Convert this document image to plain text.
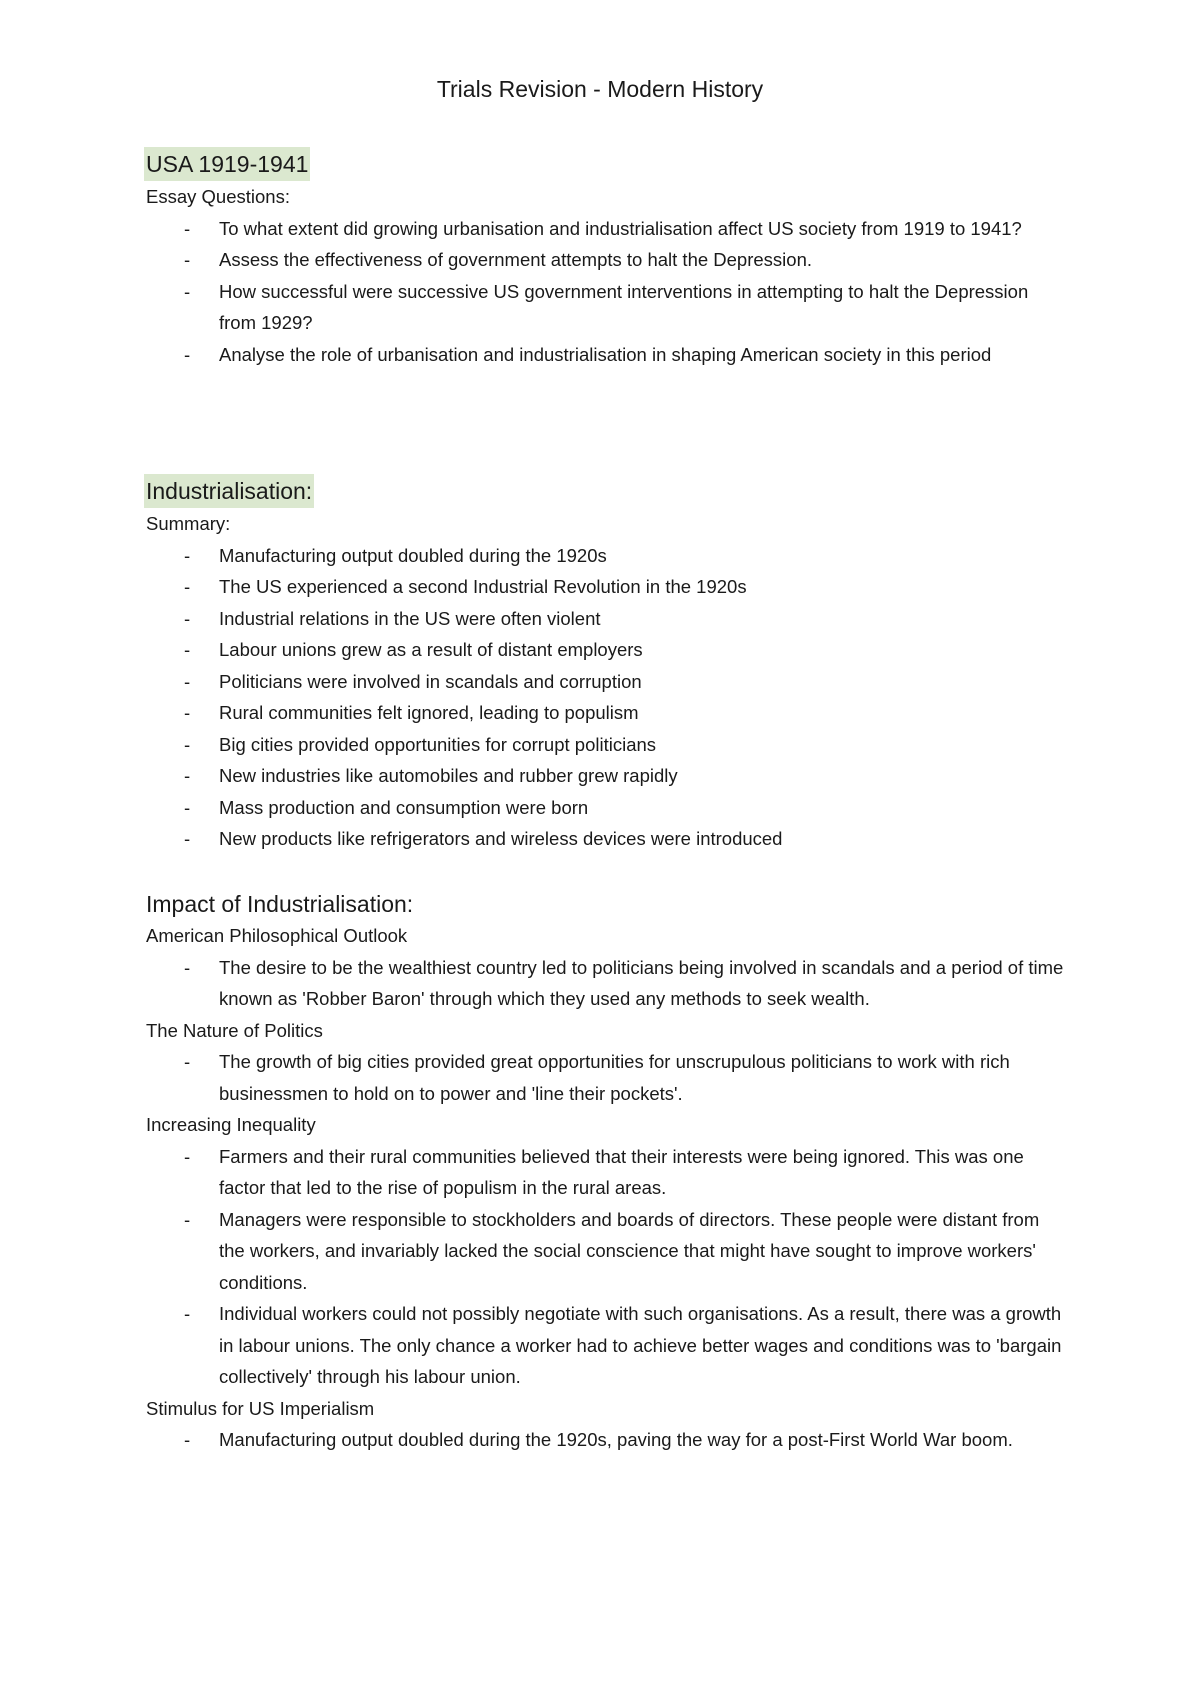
Trials Revision - Modern History
USA 1919-1941
Essay Questions:
- To what extent did growing urbanisation and industrialisation affect US society from 1919 to 1941?
- Assess the effectiveness of government attempts to halt the Depression.
- How successful were successive US government interventions in attempting to halt the Depression from 1929?
- Analyse the role of urbanisation and industrialisation in shaping American society in this period
Industrialisation:
Summary:
- Manufacturing output doubled during the 1920s
- The US experienced a second Industrial Revolution in the 1920s
- Industrial relations in the US were often violent
- Labour unions grew as a result of distant employers
- Politicians were involved in scandals and corruption
- Rural communities felt ignored, leading to populism
- Big cities provided opportunities for corrupt politicians
- New industries like automobiles and rubber grew rapidly
- Mass production and consumption were born
- New products like refrigerators and wireless devices were introduced
Impact of Industrialisation:
American Philosophical Outlook
- The desire to be the wealthiest country led to politicians being involved in scandals and a period of time known as 'Robber Baron' through which they used any methods to seek wealth.
The Nature of Politics
- The growth of big cities provided great opportunities for unscrupulous politicians to work with rich businessmen to hold on to power and 'line their pockets'.
Increasing Inequality
- Farmers and their rural communities believed that their interests were being ignored. This was one factor that led to the rise of populism in the rural areas.
- Managers were responsible to stockholders and boards of directors. These people were distant from the workers, and invariably lacked the social conscience that might have sought to improve workers' conditions.
- Individual workers could not possibly negotiate with such organisations. As a result, there was a growth in labour unions. The only chance a worker had to achieve better wages and conditions was to 'bargain collectively' through his labour union.
Stimulus for US Imperialism
- Manufacturing output doubled during the 1920s, paving the way for a post-First World War boom.
